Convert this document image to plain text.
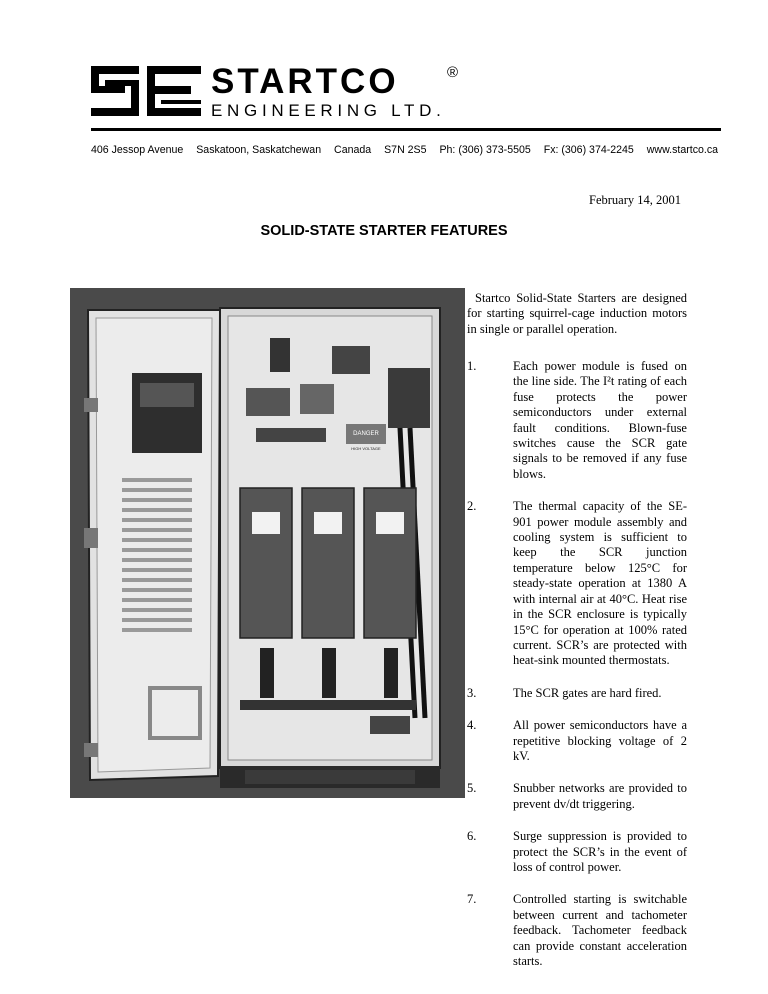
STARTCO	®
ENGINEERING LTD.
406 Jessop Avenue Saskatoon, Saskatchewan Canada S7N 2S5 Ph: (306) 373-5505 Fx: (306) 374-2245 www.startco.ca
February 14, 2001
SOLID-STATE STARTER FEATURES
DANGER
HIGH VOLTAGE

Startco Solid-State Starters are designed for starting squirrel-cage induction motors in single or parallel operation.

1.	Each power module is fused on the line side. The I²t rating of each fuse protects the power semiconductors under external fault conditions. Blown-fuse switches cause the SCR gate signals to be removed if any fuse blows.
2.	The thermal capacity of the SE-901 power module assembly and cooling system is sufficient to keep the SCR junction temperature below 125°C for steady-state operation at 1380 A with internal air at 40°C. Heat rise in the SCR enclosure is typically 15°C for operation at 100% rated current. SCR’s are protected with heat-sink mounted thermostats.
3.	The SCR gates are hard fired.
4.	All power semiconductors have a repetitive blocking voltage of 2 kV.
5.	Snubber networks are provided to prevent dv/dt triggering.
6.	Surge suppression is provided to protect the SCR’s in the event of loss of control power.
7.	Controlled starting is switchable between current and tachometer feedback. Tachometer feedback can provide constant acceleration starts.
